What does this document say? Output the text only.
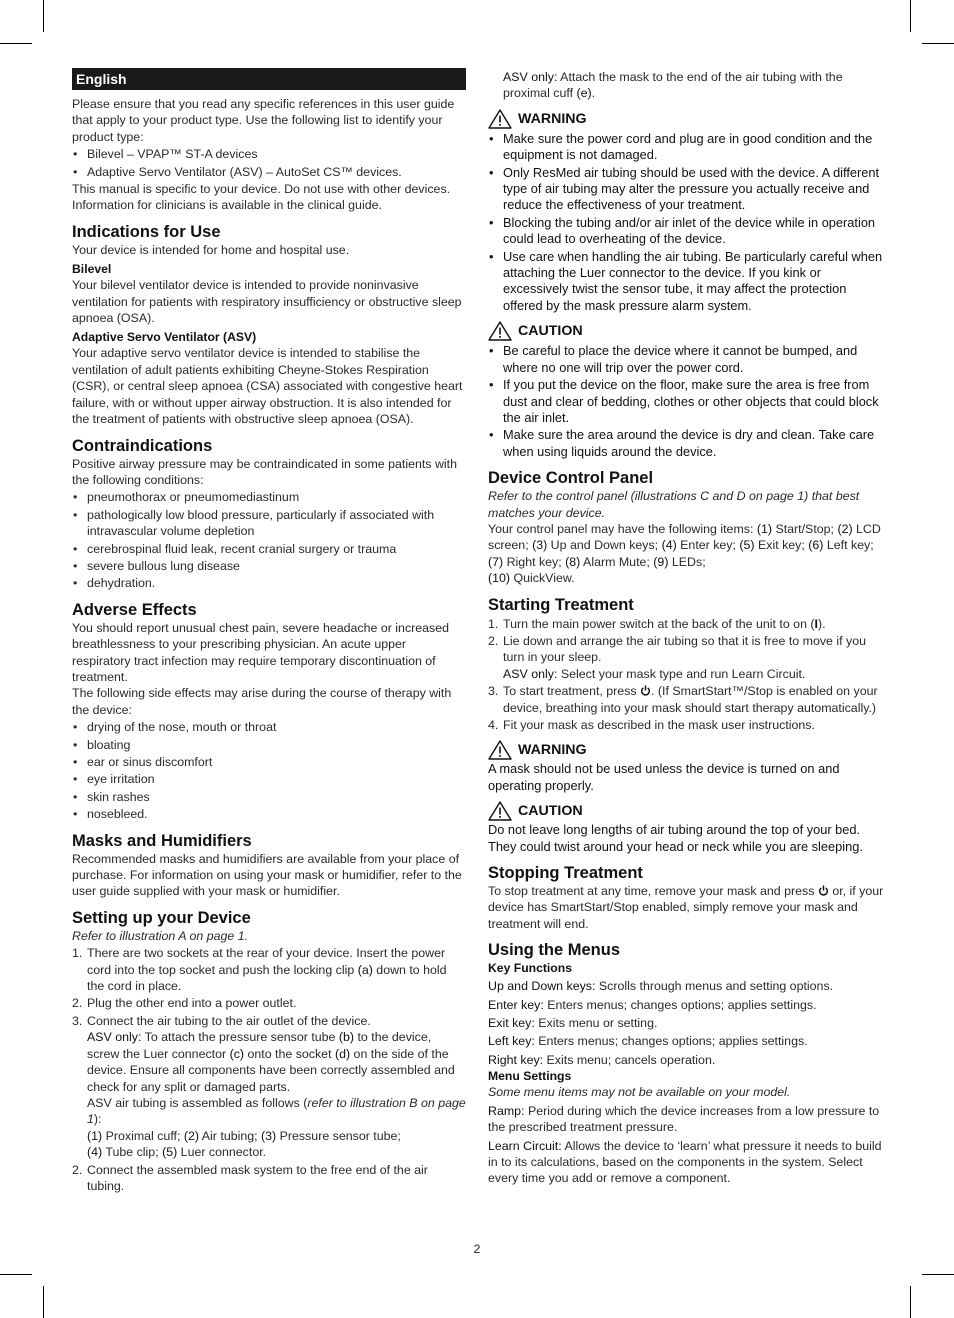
English

Please ensure that you read any specific references in this user guide that apply to your product type. Use the following list to identify your product type:

• Bilevel – VPAP™ ST-A devices
• Adaptive Servo Ventilator (ASV) – AutoSet CS™ devices.

This manual is specific to your device. Do not use with other devices. Information for clinicians is available in the clinical guide.

Indications for Use

Your device is intended for home and hospital use.

Bilevel

Your bilevel ventilator device is intended to provide noninvasive ventilation for patients with respiratory insufficiency or obstructive sleep apnoea (OSA).

Adaptive Servo Ventilator (ASV)

Your adaptive servo ventilator device is intended to stabilise the ventilation of adult patients exhibiting Cheyne-Stokes Respiration (CSR), or central sleep apnoea (CSA) associated with congestive heart failure, with or without upper airway obstruction. It is also intended for the treatment of patients with obstructive sleep apnoea (OSA).

Contraindications

Positive airway pressure may be contraindicated in some patients with the following conditions:

• pneumothorax or pneumomediastinum
• pathologically low blood pressure, particularly if associated with intravascular volume depletion
• cerebrospinal fluid leak, recent cranial surgery or trauma
• severe bullous lung disease
• dehydration.
Adverse Effects

You should report unusual chest pain, severe headache or increased breathlessness to your prescribing physician. An acute upper respiratory tract infection may require temporary discontinuation of treatment.

The following side effects may arise during the course of therapy with the device:

• drying of the nose, mouth or throat
• bloating
• ear or sinus discomfort
• eye irritation
• skin rashes
• nosebleed.
Masks and Humidifiers

Recommended masks and humidifiers are available from your place of purchase. For information on using your mask or humidifier, refer to the user guide supplied with your mask or humidifier.

Setting up your Device

Refer to illustration A on page 1.

1. There are two sockets at the rear of your device. Insert the power cord into the top socket and push the locking clip (a) down to hold the cord in place.
2. Plug the other end into a power outlet.
3. Connect the air tubing to the air outlet of the device.
ASV only: To attach the pressure sensor tube (b) to the device, screw the Luer connector (c) onto the socket (d) on the side of the device. Ensure all components have been correctly assembled and check for any split or damaged parts.
ASV air tubing is assembled as follows (refer to illustration B on page 1):
(1) Proximal cuff; (2) Air tubing; (3) Pressure sensor tube;
(4) Tube clip; (5) Luer connector.
2. Connect the assembled mask system to the free end of the air tubing.

ASV only: Attach the mask to the end of the air tubing with the proximal cuff (e).

WARNING
• Make sure the power cord and plug are in good condition and the equipment is not damaged.
• Only ResMed air tubing should be used with the device. A different type of air tubing may alter the pressure you actually receive and reduce the effectiveness of your treatment.
• Blocking the tubing and/or air inlet of the device while in operation could lead to overheating of the device.
• Use care when handling the air tubing. Be particularly careful when attaching the Luer connector to the device. If you kink or excessively twist the sensor tube, it may affect the protection offered by the mask pressure alarm system.
CAUTION
• Be careful to place the device where it cannot be bumped, and where no one will trip over the power cord.
• If you put the device on the floor, make sure the area is free from dust and clear of bedding, clothes or other objects that could block the air inlet.
• Make sure the area around the device is dry and clean. Take care when using liquids around the device.
Device Control Panel

Refer to the control panel (illustrations C and D on page 1) that best matches your device.

Your control panel may have the following items: (1) Start/Stop; (2) LCD screen; (3) Up and Down keys; (4) Enter key; (5) Exit key; (6) Left key; (7) Right key; (8) Alarm Mute; (9) LEDs;
(10) QuickView.

Starting Treatment
1. Turn the main power switch at the back of the unit to on (I).
2. Lie down and arrange the air tubing so that it is free to move if you turn in your sleep.
ASV only: Select your mask type and run Learn Circuit.
3. To start treatment, press . (If SmartStart™/Stop is enabled on your device, breathing into your mask should start therapy automatically.)
4. Fit your mask as described in the mask user instructions.
WARNING

A mask should not be used unless the device is turned on and operating properly.

CAUTION

Do not leave long lengths of air tubing around the top of your bed. They could twist around your head or neck while you are sleeping.

Stopping Treatment

To stop treatment at any time, remove your mask and press  or, if your device has SmartStart/Stop enabled, simply remove your mask and treatment will end.

Using the Menus
Key Functions

Up and Down keys: Scrolls through menus and setting options.

Enter key: Enters menus; changes options; applies settings.

Exit key: Exits menu or setting.

Left key: Enters menus; changes options; applies settings.

Right key: Exits menu; cancels operation.

Menu Settings

Some menu items may not be available on your model.

Ramp: Period during which the device increases from a low pressure to the prescribed treatment pressure.

Learn Circuit: Allows the device to ‘learn’ what pressure it needs to build in to its calculations, based on the components in the system. Select every time you add or remove a component.

2
